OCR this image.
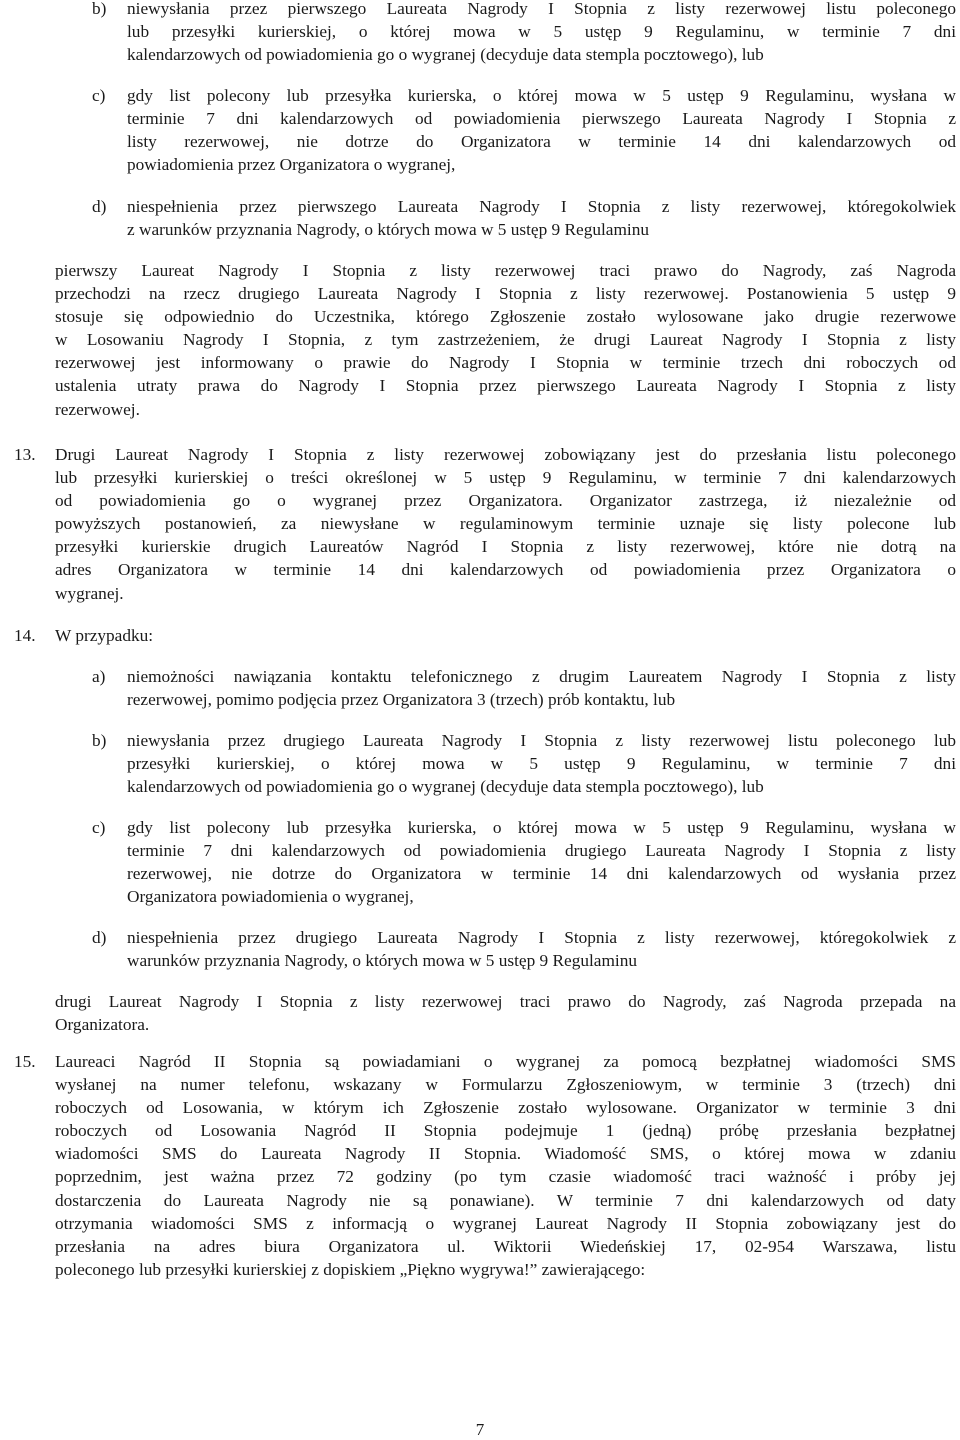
b) niewysłania przez pierwszego Laureata Nagrody I Stopnia z listy rezerwowej listu poleconego
lub przesyłki kurierskiej, o której mowa w 5 ustęp 9 Regulaminu, w terminie 7 dni
kalendarzowych od powiadomienia go o wygranej (decyduje data stempla pocztowego), lub
c) gdy list polecony lub przesyłka kurierska, o której mowa w 5 ustęp 9 Regulaminu, wysłana w
terminie 7 dni kalendarzowych od powiadomienia pierwszego Laureata Nagrody I Stopnia z
listy rezerwowej, nie dotrze do Organizatora w terminie 14 dni kalendarzowych od
powiadomienia przez Organizatora o wygranej,
d) niespełnienia przez pierwszego Laureata Nagrody I Stopnia z listy rezerwowej, któregokolwiek
z warunków przyznania Nagrody, o których mowa w 5 ustęp 9 Regulaminu
pierwszy Laureat Nagrody I Stopnia z listy rezerwowej traci prawo do Nagrody, zaś Nagroda
przechodzi na rzecz drugiego Laureata Nagrody I Stopnia z listy rezerwowej. Postanowienia 5 ustęp 9
stosuje się odpowiednio do Uczestnika, którego Zgłoszenie zostało wylosowane jako drugie rezerwowe
w Losowaniu Nagrody I Stopnia, z tym zastrzeżeniem, że drugi Laureat Nagrody I Stopnia z listy
rezerwowej jest informowany o prawie do Nagrody I Stopnia w terminie trzech dni roboczych od
ustalenia utraty prawa do Nagrody I Stopnia przez pierwszego Laureata Nagrody I Stopnia z listy
rezerwowej.
13. Drugi Laureat Nagrody I Stopnia z listy rezerwowej zobowiązany jest do przesłania listu poleconego
lub przesyłki kurierskiej o treści określonej w 5 ustęp 9 Regulaminu, w terminie 7 dni kalendarzowych
od powiadomienia go o wygranej przez Organizatora. Organizator zastrzega, iż niezależnie od
powyższych postanowień, za niewysłane w regulaminowym terminie uznaje się listy polecone lub
przesyłki kurierskie drugich Laureatów Nagród I Stopnia z listy rezerwowej, które nie dotrą na
adres Organizatora w terminie 14 dni kalendarzowych od powiadomienia przez Organizatora o
wygranej.
14. W przypadku:
a) niemożności nawiązania kontaktu telefonicznego z drugim Laureatem Nagrody I Stopnia z listy
rezerwowej, pomimo podjęcia przez Organizatora 3 (trzech) prób kontaktu, lub
b) niewysłania przez drugiego Laureata Nagrody I Stopnia z listy rezerwowej listu poleconego lub
przesyłki kurierskiej, o której mowa w 5 ustęp 9 Regulaminu, w terminie 7 dni
kalendarzowych od powiadomienia go o wygranej (decyduje data stempla pocztowego), lub
c) gdy list polecony lub przesyłka kurierska, o której mowa w 5 ustęp 9 Regulaminu, wysłana w
terminie 7 dni kalendarzowych od powiadomienia drugiego Laureata Nagrody I Stopnia z listy
rezerwowej, nie dotrze do Organizatora w terminie 14 dni kalendarzowych od wysłania przez
Organizatora powiadomienia o wygranej,
d) niespełnienia przez drugiego Laureata Nagrody I Stopnia z listy rezerwowej, któregokolwiek z
warunków przyznania Nagrody, o których mowa w 5 ustęp 9 Regulaminu
drugi Laureat Nagrody I Stopnia z listy rezerwowej traci prawo do Nagrody, zaś Nagroda przepada na
Organizatora.
15. Laureaci Nagród II Stopnia są powiadamiani o wygranej za pomocą bezpłatnej wiadomości SMS
wysłanej na numer telefonu, wskazany w Formularzu Zgłoszeniowym, w terminie 3 (trzech) dni
roboczych od Losowania, w którym ich Zgłoszenie zostało wylosowane. Organizator w terminie 3 dni
roboczych od Losowania Nagród II Stopnia podejmuje 1 (jedną) próbę przesłania bezpłatnej
wiadomości SMS do Laureata Nagrody II Stopnia. Wiadomość SMS, o której mowa w zdaniu
poprzednim, jest ważna przez 72 godziny (po tym czasie wiadomość traci ważność i próby jej
dostarczenia do Laureata Nagrody nie są ponawiane). W terminie 7 dni kalendarzowych od daty
otrzymania wiadomości SMS z informacją o wygranej Laureat Nagrody II Stopnia zobowiązany jest do
przesłania na adres biura Organizatora ul. Wiktorii Wiedeńskiej 17, 02-954 Warszawa, listu
poleconego lub przesyłki kurierskiej z dopiskiem „Piękno wygrywa!” zawierającego:
7
